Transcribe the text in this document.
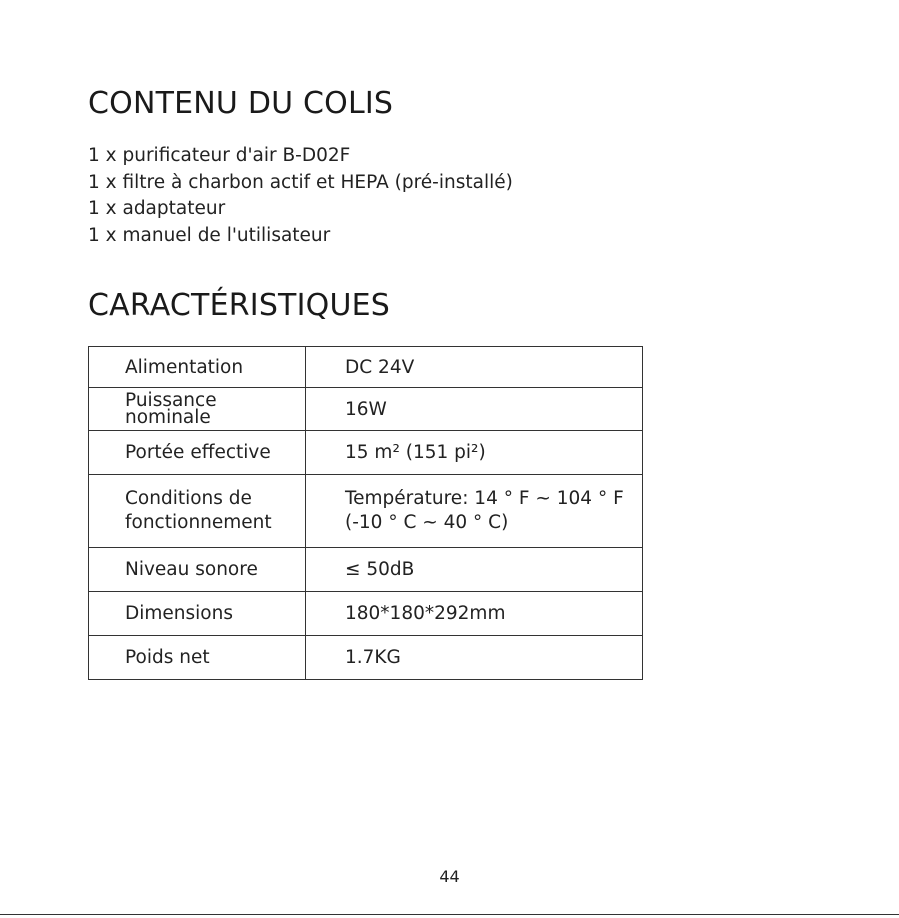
CONTENU DU COLIS
1 x purificateur d'air B-D02F
1 x filtre à charbon actif et HEPA (pré-installé)
1 x adaptateur
1 x manuel de l'utilisateur
CARACTÉRISTIQUES
Alimentation	DC 24V

Puissance
nominale	16W

Portée effective	15 m² (151 pi²)

Conditions de
fonctionnement	Température: 14 ° F ~ 104 ° F
(-10 ° C ~ 40 ° C)

Niveau sonore	≤ 50dB

Dimensions	180*180*292mm

Poids net	1.7KG
44
